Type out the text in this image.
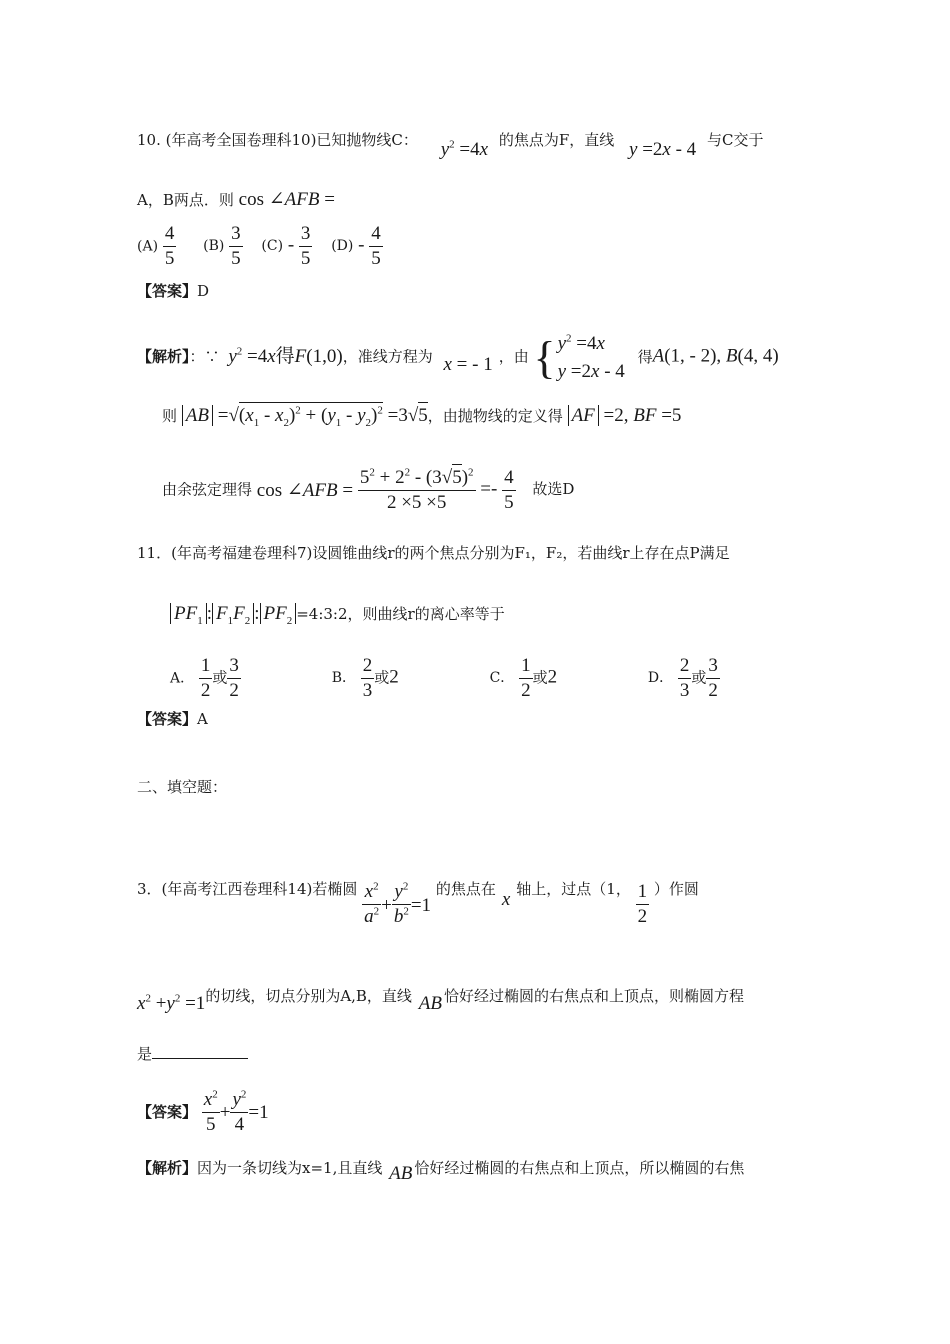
10. (年高考全国卷理科10)已知抛物线C： $y^2 =4x$ 的焦点为F，直线 y =2x - 4 与C交于
A，B两点．则 cos ∠AFB =
$(A) \frac{4}{5} (B) \frac{3}{5} (C) - \frac{3}{5} (D) - \frac{4}{5}$
【答案】D
【解析】：∵ $y^2 =4x$得F(1,0)，准线方程为 x = - 1 ，由 { $y^2 =4x$
y =2x - 4 得A(1, - 2), B(4, 4)
则 AB $=√(x_1 - x_2)^2 + (y_1 - y_2)^2 =3√5$，由抛物线的定义得 AF =2, BF =5
由余弦定理得 cos ∠AFB = $\frac{5^2 + 2^2 - (3√5)^2}{2 \times 5 \times 5} =- \frac{4}{5}$ 故选D
11．(年高考福建卷理科7)设圆锥曲线r的两个焦点分别为F₁，F₂，若曲线r上存在点P满足
$PF_1$ : $F_1F_2$ : $PF_2$ =4:3:2，则曲线r的离心率等于
A． $\frac{1}{2}$ 或 $\frac{3}{2}$	B． $\frac{2}{3}$ 或2	C． $\frac{1}{2}$ 或2	D． $\frac{2}{3}$ 或 $\frac{3}{2}$
【答案】A
二、填空题：
3．(年高考江西卷理科14)若椭圆 $\frac{x^2}{a^2} + \frac{y^2}{b^2} =1$ 的焦点在 x 轴上，过点（1， $\frac{1}{2}$ ）作圆
$x^2 +y^2 =1$的切线，切点分别为A,B，直线 AB 恰好经过椭圆的右焦点和上顶点，则椭圆方程
是
【答案】 $\frac{x^2}{5} + \frac{y^2}{4} =1$
【解析】因为一条切线为x=1,且直线 AB 恰好经过椭圆的右焦点和上顶点，所以椭圆的右焦
